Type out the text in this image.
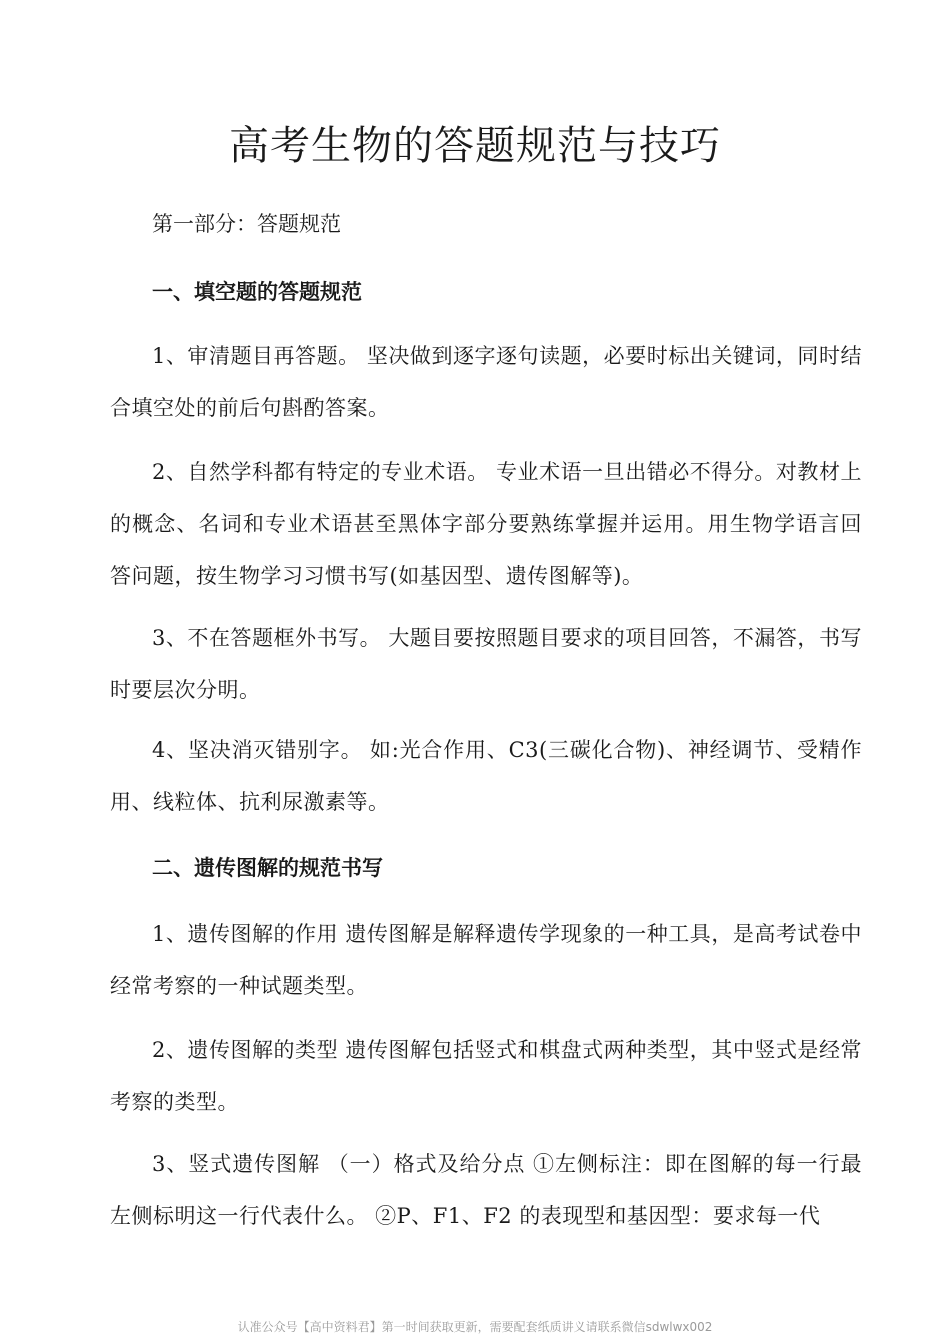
高考生物的答题规范与技巧

第一部分：答题规范

一、填空题的答题规范

1、审清题目再答题。 坚决做到逐字逐句读题，必要时标出关键词，同时结合填空处的前后句斟酌答案。

2、自然学科都有特定的专业术语。 专业术语一旦出错必不得分。对教材上的概念、名词和专业术语甚至黑体字部分要熟练掌握并运用。用生物学语言回答问题，按生物学习习惯书写(如基因型、遗传图解等)。

3、不在答题框外书写。 大题目要按照题目要求的项目回答，不漏答，书写时要层次分明。

4、坚决消灭错别字。 如:光合作用、C3(三碳化合物)、神经调节、受精作用、线粒体、抗利尿激素等。

二、遗传图解的规范书写

1、遗传图解的作用 遗传图解是解释遗传学现象的一种工具，是高考试卷中经常考察的一种试题类型。

2、遗传图解的类型 遗传图解包括竖式和棋盘式两种类型，其中竖式是经常考察的类型。

3、竖式遗传图解 （一）格式及给分点 ①左侧标注：即在图解的每一行最左侧标明这一行代表什么。 ②P、F1、F2 的表现型和基因型：要求每一代

认准公众号【高中资料君】第一时间获取更新，需要配套纸质讲义请联系微信sdwlwx002
